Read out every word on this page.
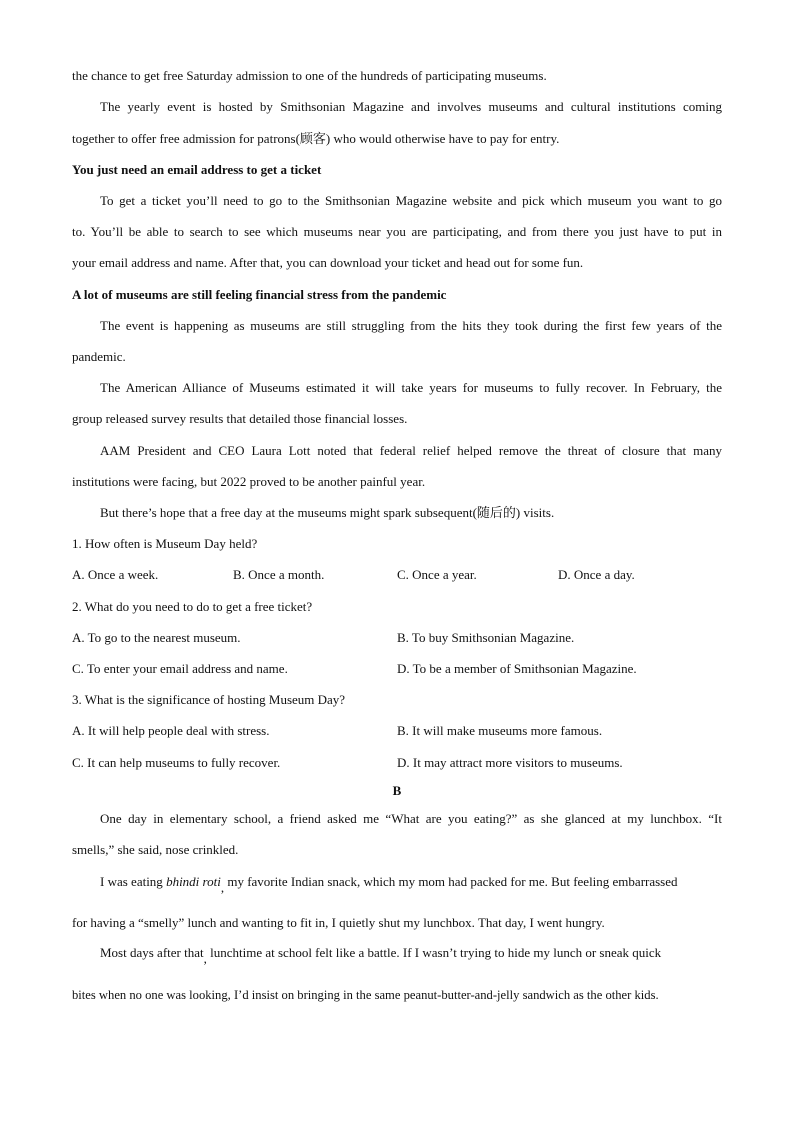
the chance to get free Saturday admission to one of the hundreds of participating museums.
The yearly event is hosted by Smithsonian Magazine and involves museums and cultural institutions coming
together to offer free admission for patrons(顾客) who would otherwise have to pay for entry.
You just need an email address to get a ticket
To get a ticket you’ll need to go to the Smithsonian Magazine website and pick which museum you want to go
to. You’ll be able to search to see which museums near you are participating, and from there you just have to put in
your email address and name. After that, you can download your ticket and head out for some fun.
A lot of museums are still feeling financial stress from the pandemic
The event is happening as museums are still struggling from the hits they took during the first few years of the
pandemic.
The American Alliance of Museums estimated it will take years for museums to fully recover. In February, the
group released survey results that detailed those financial losses.
AAM President and CEO Laura Lott noted that federal relief helped remove the threat of closure that many
institutions were facing, but 2022 proved to be another painful year.
But there’s hope that a free day at the museums might spark subsequent(随后的) visits.
1. How often is Museum Day held?
A. Once a week.	B. Once a month.	C. Once a year.	D. Once a day.
2. What do you need to do to get a free ticket?
A. To go to the nearest museum.	B. To buy Smithsonian Magazine.
C. To enter your email address and name.	D. To be a member of Smithsonian Magazine.
3. What is the significance of hosting Museum Day?
A. It will help people deal with stress.	B. It will make museums more famous.
C. It can help museums to fully recover.	D. It may attract more visitors to museums.
B
One day in elementary school, a friend asked me “What are you eating?” as she glanced at my lunchbox. “It
smells,” she said, nose crinkled.
I was eating bhindi roti, my favorite Indian snack, which my mom had packed for me. But feeling embarrassed
for having a “smelly” lunch and wanting to fit in, I quietly shut my lunchbox. That day, I went hungry.
Most days after that, lunchtime at school felt like a battle. If I wasn’t trying to hide my lunch or sneak quick
bites when no one was looking, I’d insist on bringing in the same peanut-butter-and-jelly sandwich as the other kids.
